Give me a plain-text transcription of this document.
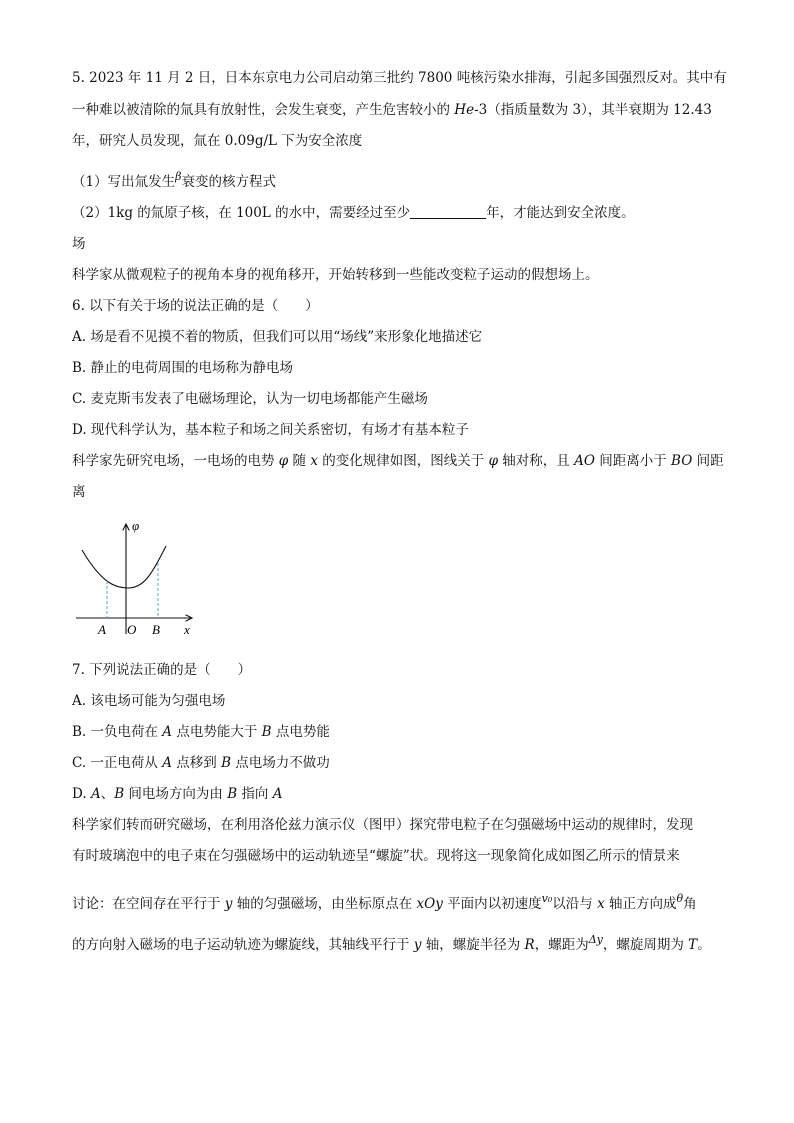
5. 2023 年 11 月 2 日，日本东京电力公司启动第三批约 7800 吨核污染水排海，引起多国强烈反对。其中有
一种难以被清除的氚具有放射性，会发生衰变，产生危害较小的 He-3（指质量数为 3），其半衰期为 12.43
年，研究人员发现，氚在 0.09g/L 下为安全浓度
（1）写出氚发生$^\beta$衰变的核方程式
（2）1kg 的氚原子核，在 100L 的水中，需要经过至少	年，才能达到安全浓度。
场
科学家从微观粒子的视角本身的视角移开，开始转移到一些能改变粒子运动的假想场上。
6. 以下有关于场的说法正确的是（　　）
A. 场是看不见摸不着的物质，但我们可以用“场线”来形象化地描述它
B. 静止的电荷周围的电场称为静电场
C. 麦克斯韦发表了电磁场理论，认为一切电场都能产生磁场
D. 现代科学认为，基本粒子和场之间关系密切，有场才有基本粒子
科学家先研究电场，一电场的电势 φ 随 x 的变化规律如图，图线关于 φ 轴对称，且 AO 间距离小于 BO 间距
离
φ
x
A O B
7. 下列说法正确的是（　　）
A. 该电场可能为匀强电场
B. 一负电荷在 A 点电势能大于 B 点电势能
C. 一正电荷从 A 点移到 B 点电场力不做功
D. A、B 间电场方向为由 B 指向 A
科学家们转而研究磁场，在利用洛伦兹力演示仪（图甲）探究带电粒子在匀强磁场中运动的规律时，发现
有时玻璃泡中的电子束在匀强磁场中的运动轨迹呈“螺旋”状。现将这一现象简化成如图乙所示的情景来
讨论：在空间存在平行于 y 轴的匀强磁场，由坐标原点在 xOy 平面内以初速度$^{v_0}$以沿与 x 轴正方向成$^\theta$角
的方向射入磁场的电子运动轨迹为螺旋线，其轴线平行于 y 轴，螺旋半径为 R，螺距为$^{\Delta y}$，螺旋周期为 T。
